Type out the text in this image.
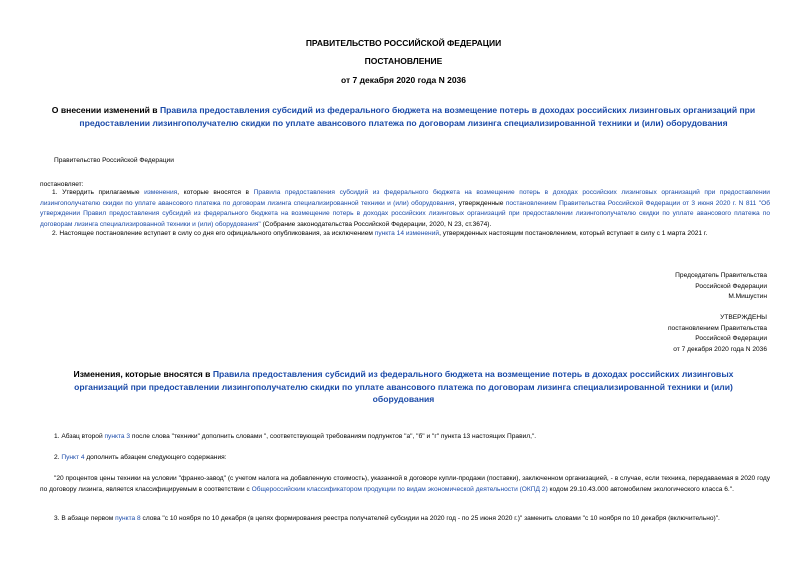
ПРАВИТЕЛЬСТВО РОССИЙСКОЙ ФЕДЕРАЦИИ
ПОСТАНОВЛЕНИЕ
от 7 декабря 2020 года N 2036
О внесении изменений в Правила предоставления субсидий из федерального бюджета на возмещение потерь в доходах российских лизинговых организаций при предоставлении лизингополучателю скидки по уплате авансового платежа по договорам лизинга специализированной техники и (или) оборудования
Правительство Российской Федерации
постановляет:
1. Утвердить прилагаемые изменения, которые вносятся в Правила предоставления субсидий из федерального бюджета на возмещение потерь в доходах российских лизинговых организаций при предоставлении лизингополучателю скидки по уплате авансового платежа по договорам лизинга специализированной техники и (или) оборудования, утвержденные постановлением Правительства Российской Федерации от 3 июня 2020 г. N 811 "Об утверждении Правил предоставления субсидий из федерального бюджета на возмещение потерь в доходах российских лизинговых организаций при предоставлении лизингополучателю скидки по уплате авансового платежа по договорам лизинга специализированной техники и (или) оборудования" (Собрание законодательства Российской Федерации, 2020, N 23, ст.3674).
2. Настоящее постановление вступает в силу со дня его официального опубликования, за исключением пункта 14 изменений, утвержденных настоящим постановлением, который вступает в силу с 1 марта 2021 г.
Председатель Правительства
Российской Федерации
М.Мишустин
УТВЕРЖДЕНЫ
постановлением Правительства
Российской Федерации
от 7 декабря 2020 года N 2036
Изменения, которые вносятся в Правила предоставления субсидий из федерального бюджета на возмещение потерь в доходах российских лизинговых организаций при предоставлении лизингополучателю скидки по уплате авансового платежа по договорам лизинга специализированной техники и (или) оборудования
1. Абзац второй пункта 3 после слова "техники" дополнить словами ", соответствующей требованиям подпунктов "а", "б" и "г" пункта 13 настоящих Правил,".
2. Пункт 4 дополнить абзацем следующего содержания:
"20 процентов цены техники на условии "франко-завод" (с учетом налога на добавленную стоимость), указанной в договоре купли-продажи (поставки), заключенном организацией, - в случае, если техника, передаваемая в 2020 году по договору лизинга, является классифицируемым в соответствии с Общероссийским классификатором продукции по видам экономической деятельности (ОКПД 2) кодом 29.10.43.000 автомобилем экологического класса 6.".
3. В абзаце первом пункта 8 слова "с 10 ноября по 10 декабря (в целях формирования реестра получателей субсидии на 2020 год - по 25 июня 2020 г.)" заменить словами "с 10 ноября по 10 декабря (включительно)".
